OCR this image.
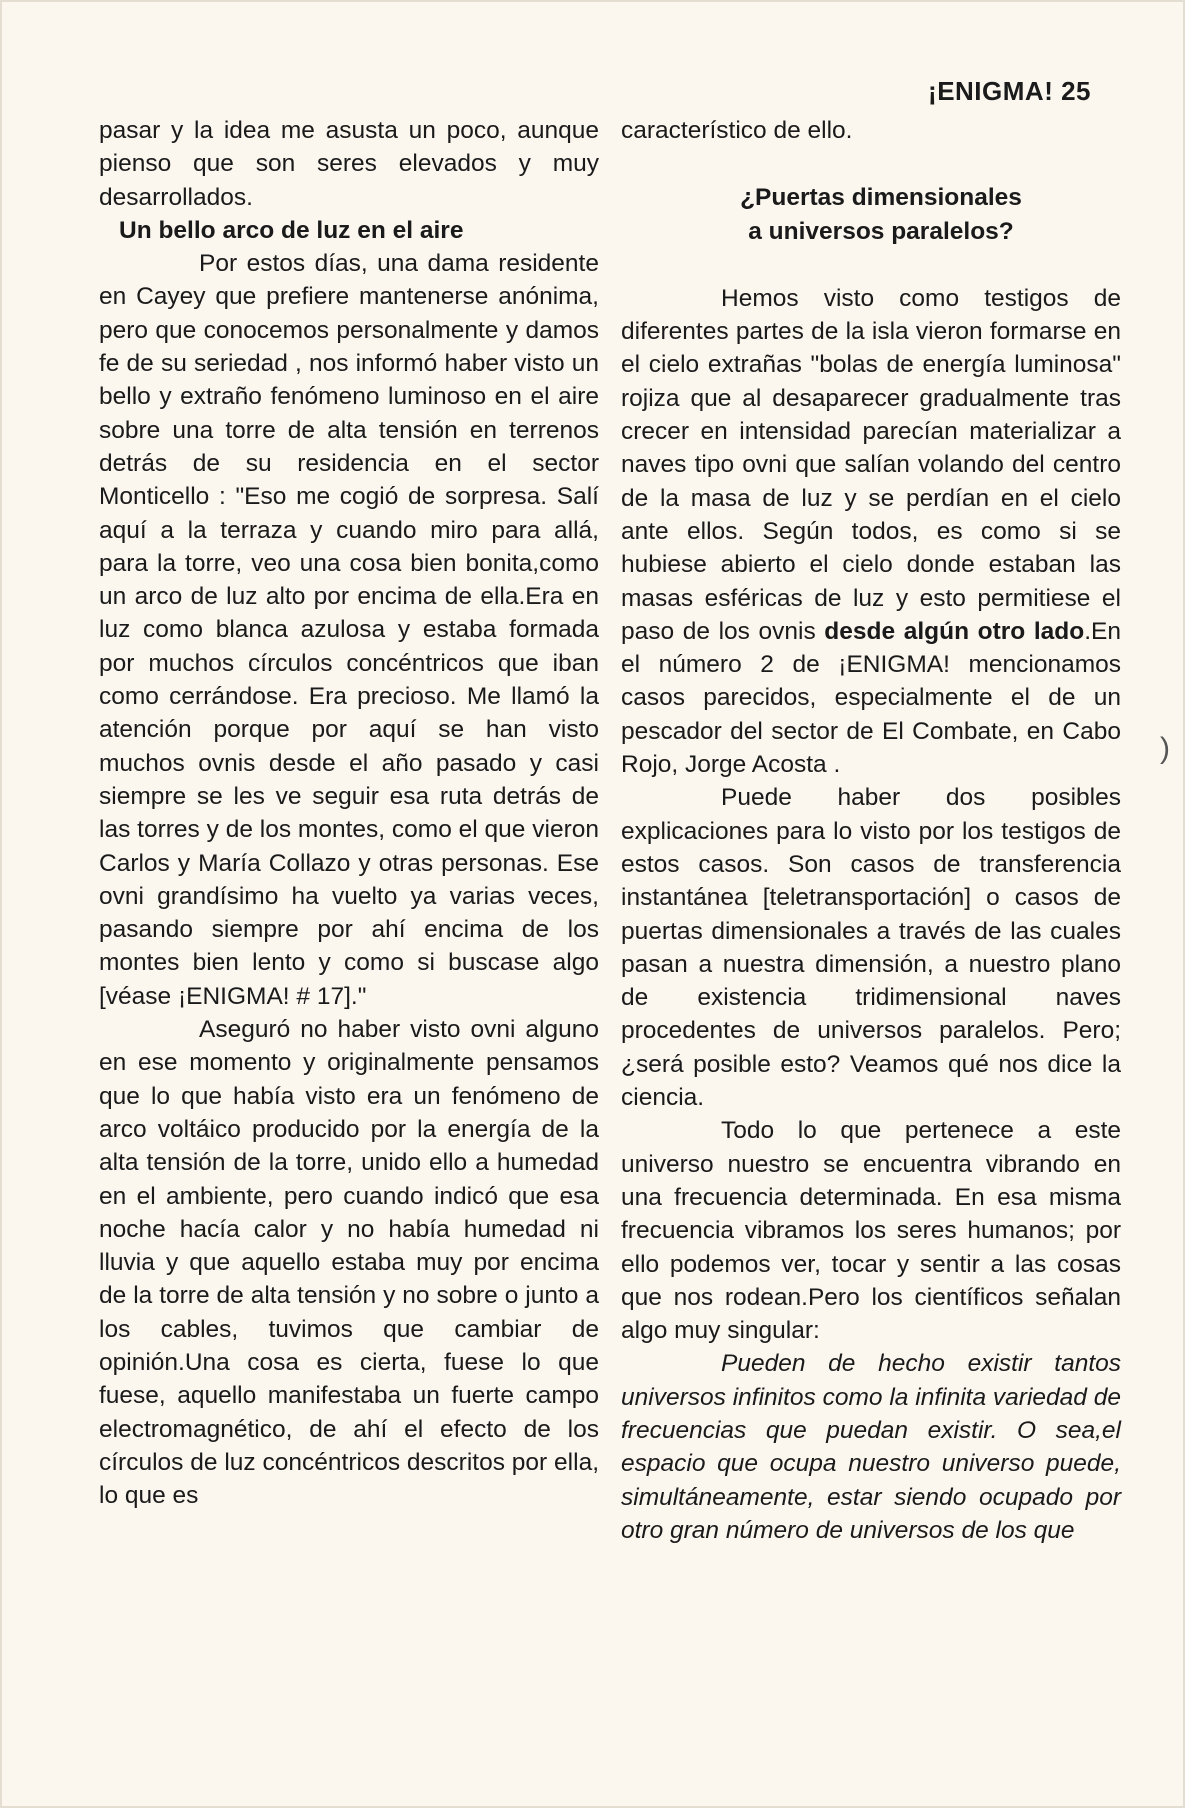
¡ENIGMA! 25

pasar y la idea me asusta un poco, aunque pienso que son seres elevados y muy desarrollados.

Un bello arco de luz en el aire

Por estos días, una dama residente en Cayey que prefiere mantenerse anónima, pero que conocemos personalmente y damos fe de su seriedad , nos informó haber visto un bello y extraño fenómeno luminoso en el aire sobre una torre de alta tensión en terrenos detrás de su residencia en el sector Monticello : "Eso me cogió de sorpresa. Salí aquí a la terraza y cuando miro para allá, para la torre, veo una cosa bien bonita,como un arco de luz alto por encima de ella.Era en luz como blanca azulosa y estaba formada por muchos círculos concéntricos que iban como cerrándose. Era precioso. Me llamó la atención porque por aquí se han visto muchos ovnis desde el año pasado y casi siempre se les ve seguir esa ruta detrás de las torres y de los montes, como el que vieron Carlos y María Collazo y otras personas. Ese ovni grandísimo ha vuelto ya varias veces, pasando siempre por ahí encima de los montes bien lento y como si buscase algo [véase ¡ENIGMA! # 17]."

Aseguró no haber visto ovni alguno en ese momento y originalmente pensamos que lo que había visto era un fenómeno de arco voltáico producido por la energía de la alta tensión de la torre, unido ello a humedad en el ambiente, pero cuando indicó que esa noche hacía calor y no había humedad ni lluvia y que aquello estaba muy por encima de la torre de alta tensión y no sobre o junto a los cables, tuvimos que cambiar de opinión.Una cosa es cierta, fuese lo que fuese, aquello manifestaba un fuerte campo electromagnético, de ahí el efecto de los círculos de luz concéntricos descritos por ella, lo que es

característico de ello.

¿Puertas dimensionales
a universos paralelos?

Hemos visto como testigos de diferentes partes de la isla vieron formarse en el cielo extrañas "bolas de energía luminosa" rojiza que al desaparecer gradualmente tras crecer en intensidad parecían materializar a naves tipo ovni que salían volando del centro de la masa de luz y se perdían en el cielo ante ellos. Según todos, es como si se hubiese abierto el cielo donde estaban las masas esféricas de luz y esto permitiese el paso de los ovnis desde algún otro lado.En el número 2 de ¡ENIGMA! mencionamos casos parecidos, especialmente el de un pescador del sector de El Combate, en Cabo Rojo, Jorge Acosta .

Puede haber dos posibles explicaciones para lo visto por los testigos de estos casos. Son casos de transferencia instantánea [teletransportación] o casos de puertas dimensionales a través de las cuales pasan a nuestra dimensión, a nuestro plano de existencia tridimensional naves procedentes de universos paralelos. Pero; ¿será posible esto? Veamos qué nos dice la ciencia.

Todo lo que pertenece a este universo nuestro se encuentra vibrando en una frecuencia determinada. En esa misma frecuencia vibramos los seres humanos; por ello podemos ver, tocar y sentir a las cosas que nos rodean.Pero los científicos señalan algo muy singular:

Pueden de hecho existir tantos universos infinitos como la infinita variedad de frecuencias que puedan existir. O sea,el espacio que ocupa nuestro universo puede, simultáneamente, estar siendo ocupado por otro gran número de universos de los que

)
